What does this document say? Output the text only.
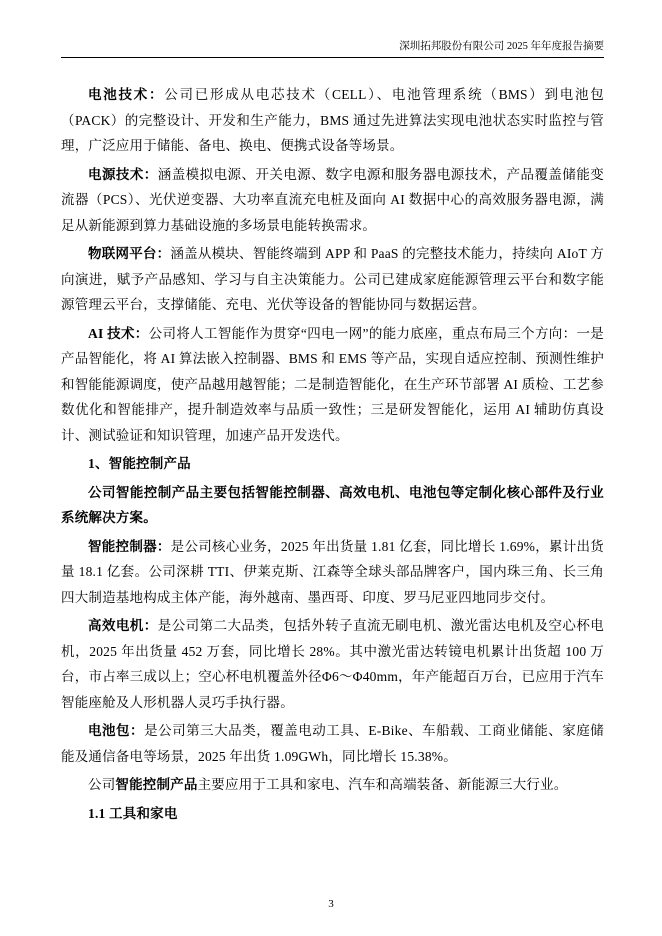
深圳拓邦股份有限公司 2025 年年度报告摘要

电池技术：公司已形成从电芯技术（CELL）、电池管理系统（BMS）到电池包（PACK）的完整设计、开发和生产能力，BMS 通过先进算法实现电池状态实时监控与管理，广泛应用于储能、备电、换电、便携式设备等场景。

电源技术：涵盖模拟电源、开关电源、数字电源和服务器电源技术，产品覆盖储能变流器（PCS）、光伏逆变器、大功率直流充电桩及面向 AI 数据中心的高效服务器电源，满足从新能源到算力基础设施的多场景电能转换需求。

物联网平台：涵盖从模块、智能终端到 APP 和 PaaS 的完整技术能力，持续向 AIoT 方向演进，赋予产品感知、学习与自主决策能力。公司已建成家庭能源管理云平台和数字能源管理云平台，支撑储能、充电、光伏等设备的智能协同与数据运营。

AI 技术：公司将人工智能作为贯穿“四电一网”的能力底座，重点布局三个方向：一是产品智能化，将 AI 算法嵌入控制器、BMS 和 EMS 等产品，实现自适应控制、预测性维护和智能能源调度，使产品越用越智能；二是制造智能化，在生产环节部署 AI 质检、工艺参数优化和智能排产，提升制造效率与品质一致性；三是研发智能化，运用 AI 辅助仿真设计、测试验证和知识管理，加速产品开发迭代。

1、智能控制产品

公司智能控制产品主要包括智能控制器、高效电机、电池包等定制化核心部件及行业系统解决方案。

智能控制器：是公司核心业务，2025 年出货量 1.81 亿套，同比增长 1.69%，累计出货量 18.1 亿套。公司深耕 TTI、伊莱克斯、江森等全球头部品牌客户，国内珠三角、长三角四大制造基地构成主体产能，海外越南、墨西哥、印度、罗马尼亚四地同步交付。

高效电机：是公司第二大品类，包括外转子直流无刷电机、激光雷达电机及空心杯电机，2025 年出货量 452 万套，同比增长 28%。其中激光雷达转镜电机累计出货超 100 万台，市占率三成以上；空心杯电机覆盖外径Φ6～Φ40mm，年产能超百万台，已应用于汽车智能座舱及人形机器人灵巧手执行器。

电池包：是公司第三大品类，覆盖电动工具、E-Bike、车船载、工商业储能、家庭储能及通信备电等场景，2025 年出货 1.09GWh，同比增长 15.38%。

公司智能控制产品主要应用于工具和家电、汽车和高端装备、新能源三大行业。

1.1 工具和家电

3
